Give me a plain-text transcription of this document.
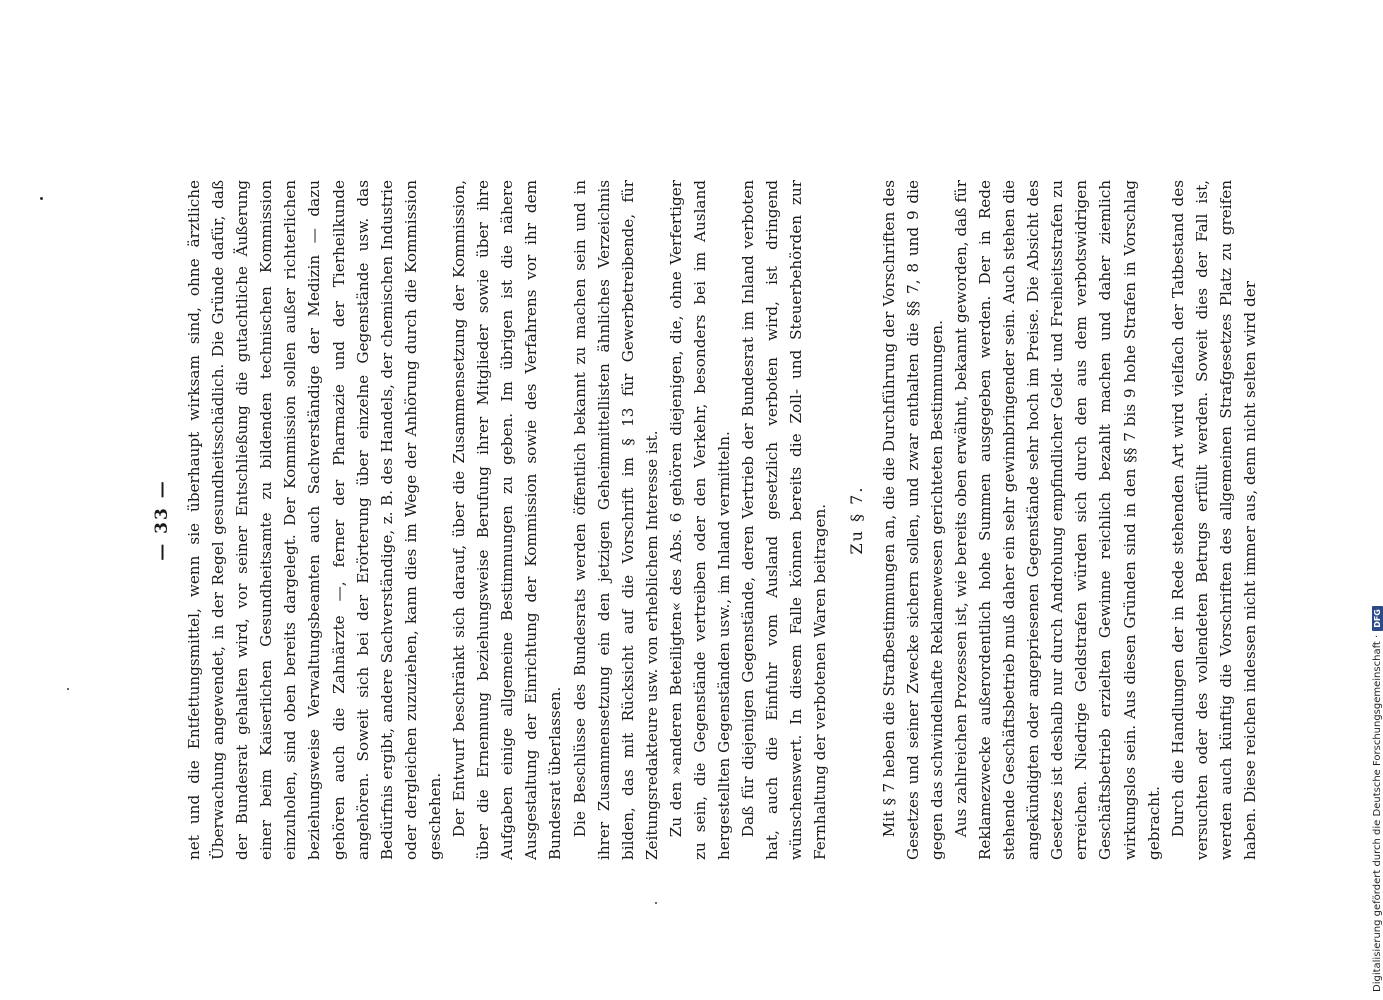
— 33 — net und die Entfettungsmittel, wenn sie überhaupt wirksam sind, ohne ärztliche Überwachung angewendet, in der Regel gesundheitsschädlich. Die Gründe dafür, daß der Bundesrat gehalten wird, vor seiner Entschließung die gutachtliche Äußerung einer beim Kaiserlichen Gesundheitsamte zu bildenden technischen Kommission einzuholen, sind oben bereits dargelegt. Der Kommission sollen außer richterlichen beziehungsweise Verwaltungsbeamten auch Sachverständige der Medizin — dazu gehören auch die Zahnärzte —, ferner der Pharmazie und der Tierheilkunde angehören. Soweit sich bei der Erörterung über einzelne Gegenstände usw. das Bedürfnis ergibt, andere Sachverständige, z. B. des Handels, der chemischen Industrie oder dergleichen zuzuziehen, kann dies im Wege der Anhörung durch die Kommission geschehen. Der Entwurf beschränkt sich darauf, über die Zusammensetzung der Kommission, über die Ernennung beziehungsweise Berufung ihrer Mitglieder sowie über ihre Aufgaben einige allgemeine Bestimmungen zu geben. Im übrigen ist die nähere Ausgestaltung der Einrichtung der Kommission sowie des Verfahrens vor ihr dem Bundesrat überlassen. Die Beschlüsse des Bundesrats werden öffentlich bekannt zu machen sein und in ihrer Zusammensetzung ein den jetzigen Geheimmittellisten ähnliches Verzeichnis bilden, das mit Rücksicht auf die Vorschrift im § 13 für Gewerbetreibende, für Zeitungsredakteure usw. von erheblichem Interesse ist. Zu den »anderen Beteiligten« des Abs. 6 gehören diejenigen, die, ohne Verfertiger zu sein, die Gegenstände vertreiben oder den Verkehr, besonders bei im Ausland hergestellten Gegenständen usw., im Inland vermitteln. Daß für diejenigen Gegenstände, deren Vertrieb der Bundesrat im Inland verboten hat, auch die Einfuhr vom Ausland gesetzlich verboten wird, ist dringend wünschenswert. In diesem Falle können bereits die Zoll- und Steuerbehörden zur Fernhaltung der verbotenen Waren beitragen. Zu § 7. Mit § 7 heben die Strafbestimmungen an, die die Durchführung der Vorschriften des Gesetzes und seiner Zwecke sichern sollen, und zwar enthalten die §§ 7, 8 und 9 die gegen das schwindelhafte Reklamewesen gerichteten Bestimmungen. Aus zahlreichen Prozessen ist, wie bereits oben erwähnt, bekannt geworden, daß für Reklamezwecke außerordentlich hohe Summen ausgegeben werden. Der in Rede stehende Geschäftsbetrieb muß daher ein sehr gewinnbringender sein. Auch stehen die angekündigten oder angepriesenen Gegenstände sehr hoch im Preise. Die Absicht des Gesetzes ist deshalb nur durch Androhung empfindlicher Geld- und Freiheitsstrafen zu erreichen. Niedrige Geldstrafen würden sich durch den aus dem verbotswidrigen Geschäftsbetrieb erzielten Gewinne reichlich bezahlt machen und daher ziemlich wirkungslos sein. Aus diesen Gründen sind in den §§ 7 bis 9 hohe Strafen in Vorschlag gebracht. Durch die Handlungen der in Rede stehenden Art wird vielfach der Tatbestand des versuchten oder des vollendeten Betrugs erfüllt werden. Soweit dies der Fall ist, werden auch künftig die Vorschriften des allgemeinen Strafgesetzes Platz zu greifen haben. Diese reichen indessen nicht immer aus, denn nicht selten wird der	Digitalisierung gefördert durch die Deutsche Forschungsgemeinschaft ·
DFG
